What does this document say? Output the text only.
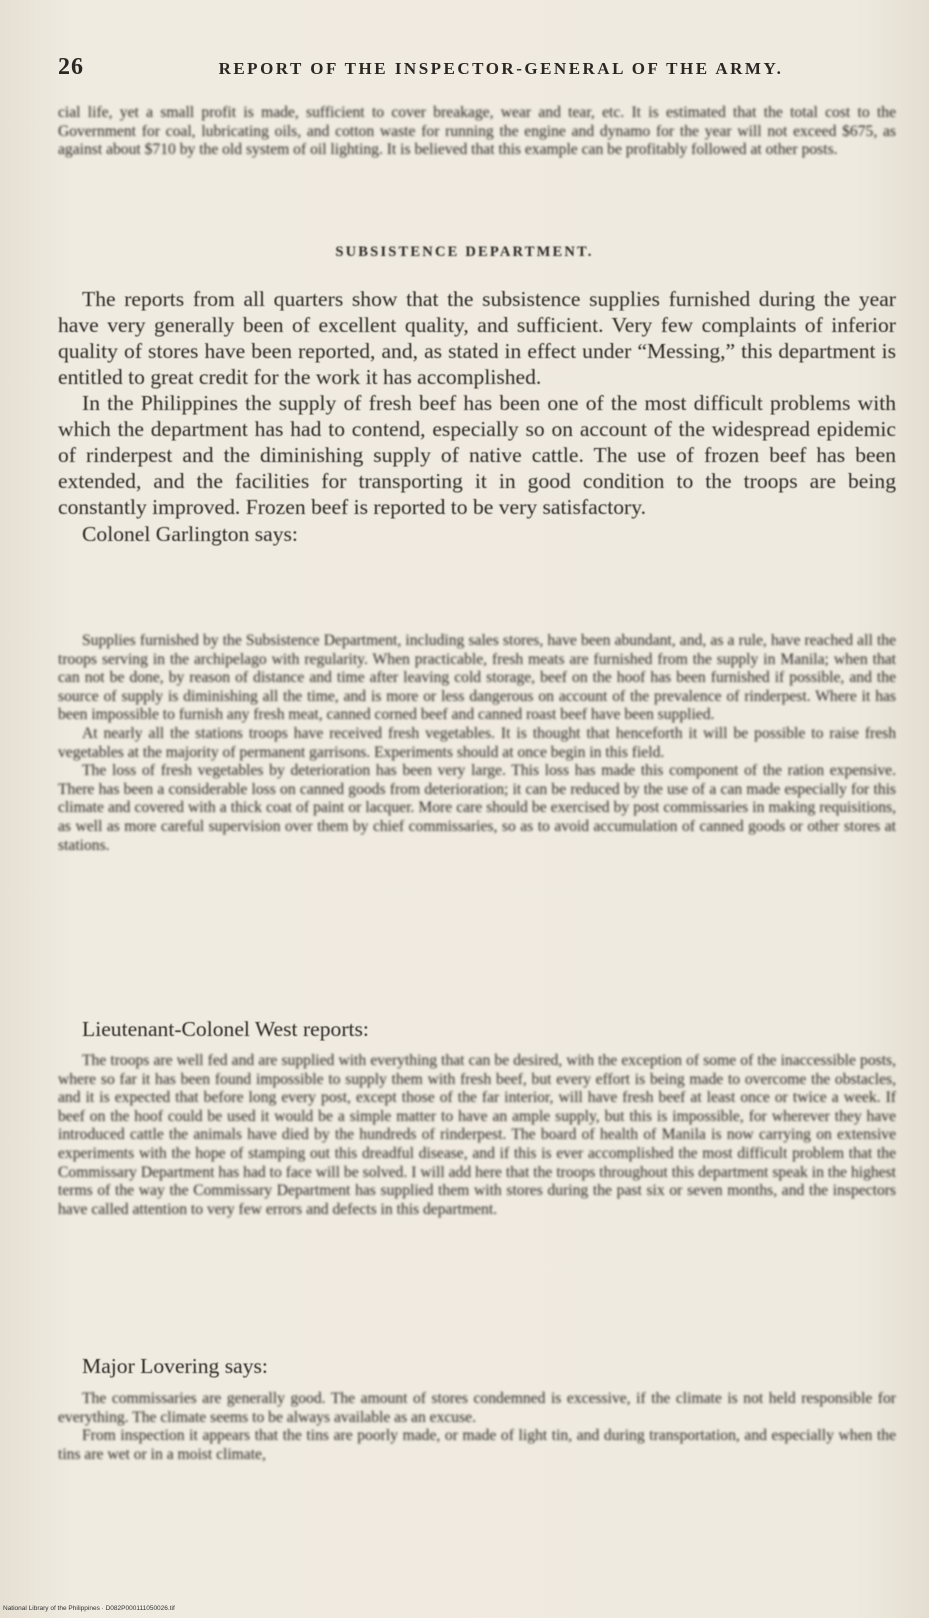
26	REPORT OF THE INSPECTOR-GENERAL OF THE ARMY.

cial life, yet a small profit is made, sufficient to cover breakage, wear and tear, etc. It is estimated that the total cost to the Government for coal, lubricating oils, and cotton waste for running the engine and dynamo for the year will not exceed $675, as against about $710 by the old system of oil lighting. It is believed that this example can be profitably followed at other posts.

SUBSISTENCE DEPARTMENT.

The reports from all quarters show that the subsistence supplies furnished during the year have very generally been of excellent quality, and sufficient. Very few complaints of inferior quality of stores have been reported, and, as stated in effect under “Messing,” this department is entitled to great credit for the work it has accomplished.

In the Philippines the supply of fresh beef has been one of the most difficult problems with which the department has had to contend, especially so on account of the widespread epidemic of rinderpest and the diminishing supply of native cattle. The use of frozen beef has been extended, and the facilities for transporting it in good condition to the troops are being constantly improved. Frozen beef is reported to be very satisfactory.

Colonel Garlington says:

Supplies furnished by the Subsistence Department, including sales stores, have been abundant, and, as a rule, have reached all the troops serving in the archipelago with regularity. When practicable, fresh meats are furnished from the supply in Manila; when that can not be done, by reason of distance and time after leaving cold storage, beef on the hoof has been furnished if possible, and the source of supply is diminishing all the time, and is more or less dangerous on account of the prevalence of rinderpest. Where it has been impossible to furnish any fresh meat, canned corned beef and canned roast beef have been supplied.

At nearly all the stations troops have received fresh vegetables. It is thought that henceforth it will be possible to raise fresh vegetables at the majority of permanent garrisons. Experiments should at once begin in this field.

The loss of fresh vegetables by deterioration has been very large. This loss has made this component of the ration expensive. There has been a considerable loss on canned goods from deterioration; it can be reduced by the use of a can made especially for this climate and covered with a thick coat of paint or lacquer. More care should be exercised by post commissaries in making requisitions, as well as more careful supervision over them by chief commissaries, so as to avoid accumulation of canned goods or other stores at stations.

Lieutenant-Colonel West reports:

The troops are well fed and are supplied with everything that can be desired, with the exception of some of the inaccessible posts, where so far it has been found impossible to supply them with fresh beef, but every effort is being made to overcome the obstacles, and it is expected that before long every post, except those of the far interior, will have fresh beef at least once or twice a week. If beef on the hoof could be used it would be a simple matter to have an ample supply, but this is impossible, for wherever they have introduced cattle the animals have died by the hundreds of rinderpest. The board of health of Manila is now carrying on extensive experiments with the hope of stamping out this dreadful disease, and if this is ever accomplished the most difficult problem that the Commissary Department has had to face will be solved. I will add here that the troops throughout this department speak in the highest terms of the way the Commissary Department has supplied them with stores during the past six or seven months, and the inspectors have called attention to very few errors and defects in this department.

Major Lovering says:

The commissaries are generally good. The amount of stores condemned is excessive, if the climate is not held responsible for everything. The climate seems to be always available as an excuse.

From inspection it appears that the tins are poorly made, or made of light tin, and during transportation, and especially when the tins are wet or in a moist climate,

National Library of the Philippines · D082P000111050026.tif
